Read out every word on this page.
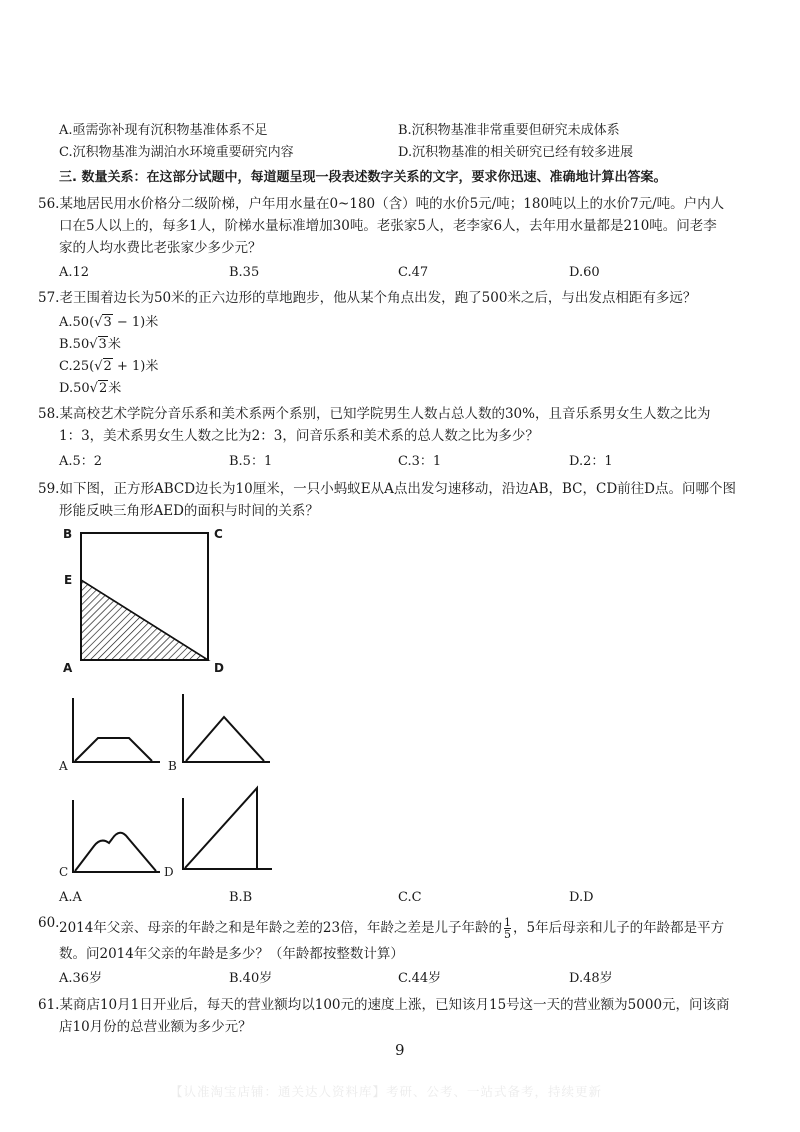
A.亟需弥补现有沉积物基准体系不足	B.沉积物基准非常重要但研究未成体系
C.沉积物基准为湖泊水环境重要研究内容	D.沉积物基准的相关研究已经有较多进展
三. 数量关系：在这部分试题中，每道题呈现一段表述数字关系的文字，要求你迅速、准确地计算出答案。
56.某地居民用水价格分二级阶梯，户年用水量在0~180（含）吨的水价5元/吨；180吨以上的水价7元/吨。户内人
口在5人以上的，每多1人，阶梯水量标准增加30吨。老张家5人，老李家6人，去年用水量都是210吨。问老李
家的人均水费比老张家少多少元？
A.12	B.35	C.47	D.60
57.老王围着边长为50米的正六边形的草地跑步，他从某个角点出发，跑了500米之后，与出发点相距有多远？
A.50(√3 − 1)米
B.50√3米
C.25(√2 + 1)米
D.50√2米
58.某高校艺术学院分音乐系和美术系两个系别，已知学院男生人数占总人数的30%，且音乐系男女生人数之比为
1：3，美术系男女生人数之比为2：3，问音乐系和美术系的总人数之比为多少？
A.5：2	B.5：1	C.3：1	D.2：1
59.如下图，正方形ABCD边长为10厘米，一只小蚂蚁E从A点出发匀速移动，沿边AB，BC，CD前往D点。问哪个图
形能反映三角形AED的面积与时间的关系？
B	C
E
A	D
A	B
C	D
A.A	B.B	C.C	D.D
60. 2014年父亲、母亲的年龄之和是年龄之差的23倍，年龄之差是儿子年龄的 $\frac{1}{5}$ ，5年后母亲和儿子的年龄都是平方
数。问2014年父亲的年龄是多少？（年龄都按整数计算）
A.36岁	B.40岁	C.44岁	D.48岁
61.某商店10月1日开业后，每天的营业额均以100元的速度上涨，已知该月15号这一天的营业额为5000元，问该商
店10月份的总营业额为多少元？
9
【认准淘宝店铺：通关达人资料库】考研、公考、一站式备考，持续更新
